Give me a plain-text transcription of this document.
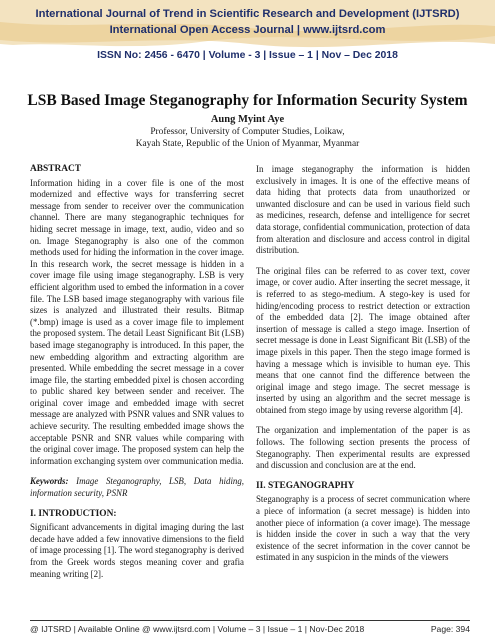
International Journal of Trend in Scientific Research and Development (IJTSRD)
International Open Access Journal | www.ijtsrd.com
ISSN No: 2456 - 6470 | Volume - 3 | Issue – 1 | Nov – Dec 2018
LSB Based Image Steganography for Information Security System
Aung Myint Aye
Professor, University of Computer Studies, Loikaw,
Kayah State, Republic of the Union of Myanmar, Myanmar
ABSTRACT

Information hiding in a cover file is one of the most modernized and effective ways for transferring secret message from sender to receiver over the communication channel. There are many steganographic techniques for hiding secret message in image, text, audio, video and so on. Image Steganography is also one of the common methods used for hiding the information in the cover image. In this research work, the secret message is hidden in a cover image file using image steganography. LSB is very efficient algorithm used to embed the information in a cover file. The LSB based image steganography with various file sizes is analyzed and illustrated their results. Bitmap (*.bmp) image is used as a cover image file to implement the proposed system. The detail Least Significant Bit (LSB) based image steganography is introduced. In this paper, the new embedding algorithm and extracting algorithm are presented. While embedding the secret message in a cover image file, the starting embedded pixel is chosen according to public shared key between sender and receiver. The original cover image and embedded image with secret message are analyzed with PSNR values and SNR values to achieve security. The resulting embedded image shows the acceptable PSNR and SNR values while comparing with the original cover image. The proposed system can help the information exchanging system over communication media.

Keywords: Image Steganography, LSB, Data hiding, information security, PSNR

I. INTRODUCTION:

Significant advancements in digital imaging during the last decade have added a few innovative dimensions to the field of image processing [1]. The word steganography is derived from the Greek words stegos meaning cover and grafia meaning writing [2].

In image steganography the information is hidden exclusively in images. It is one of the effective means of data hiding that protects data from unauthorized or unwanted disclosure and can be used in various field such as medicines, research, defense and intelligence for secret data storage, confidential communication, protection of data from alteration and disclosure and access control in digital distribution.

The original files can be referred to as cover text, cover image, or cover audio. After inserting the secret message, it is referred to as stego-medium. A stego-key is used for hiding/encoding process to restrict detection or extraction of the embedded data [2]. The image obtained after insertion of message is called a stego image. Insertion of secret message is done in Least Significant Bit (LSB) of the image pixels in this paper. Then the stego image formed is having a message which is invisible to human eye. This means that one cannot find the difference between the original image and stego image. The secret message is inserted by using an algorithm and the secret message is obtained from stego image by using reverse algorithm [4].

The organization and implementation of the paper is as follows. The following section presents the process of Steganography. Then experimental results are expressed and discussion and conclusion are at the end.

II. STEGANOGRAPHY

Steganography is a process of secret communication where a piece of information (a secret message) is hidden into another piece of information (a cover image). The message is hidden inside the cover in such a way that the very existence of the secret information in the cover cannot be estimated in any suspicion in the minds of the viewers

@ IJTSRD | Available Online @ www.ijtsrd.com | Volume – 3 | Issue – 1 | Nov-Dec 2018	Page: 394
